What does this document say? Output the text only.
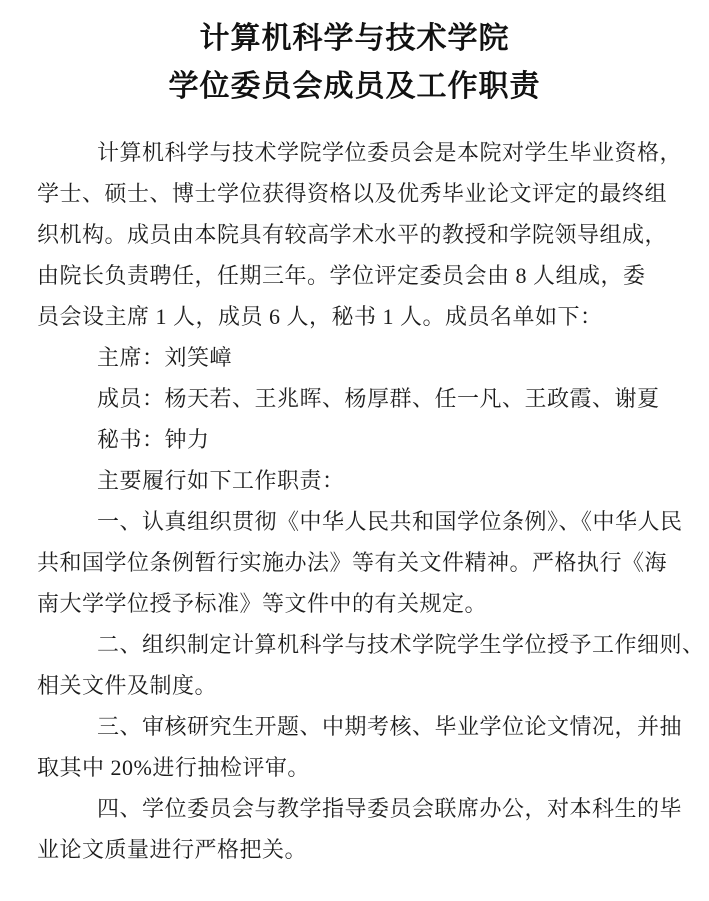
计算机科学与技术学院
学位委员会成员及工作职责
计算机科学与技术学院学位委员会是本院对学生毕业资格，
学士、硕士、博士学位获得资格以及优秀毕业论文评定的最终组
织机构。成员由本院具有较高学术水平的教授和学院领导组成，
由院长负责聘任，任期三年。学位评定委员会由 8 人组成，委
员会设主席 1 人，成员 6 人，秘书 1 人。成员名单如下：
主席：刘笑嶂
成员：杨天若、王兆晖、杨厚群、任一凡、王政霞、谢夏
秘书：钟力
主要履行如下工作职责：
一、认真组织贯彻《中华人民共和国学位条例》、《中华人民
共和国学位条例暂行实施办法》等有关文件精神。严格执行《海
南大学学位授予标准》等文件中的有关规定。
二、组织制定计算机科学与技术学院学生学位授予工作细则、
相关文件及制度。
三、审核研究生开题、中期考核、毕业学位论文情况，并抽
取其中 20%进行抽检评审。
四、学位委员会与教学指导委员会联席办公，对本科生的毕
业论文质量进行严格把关。
